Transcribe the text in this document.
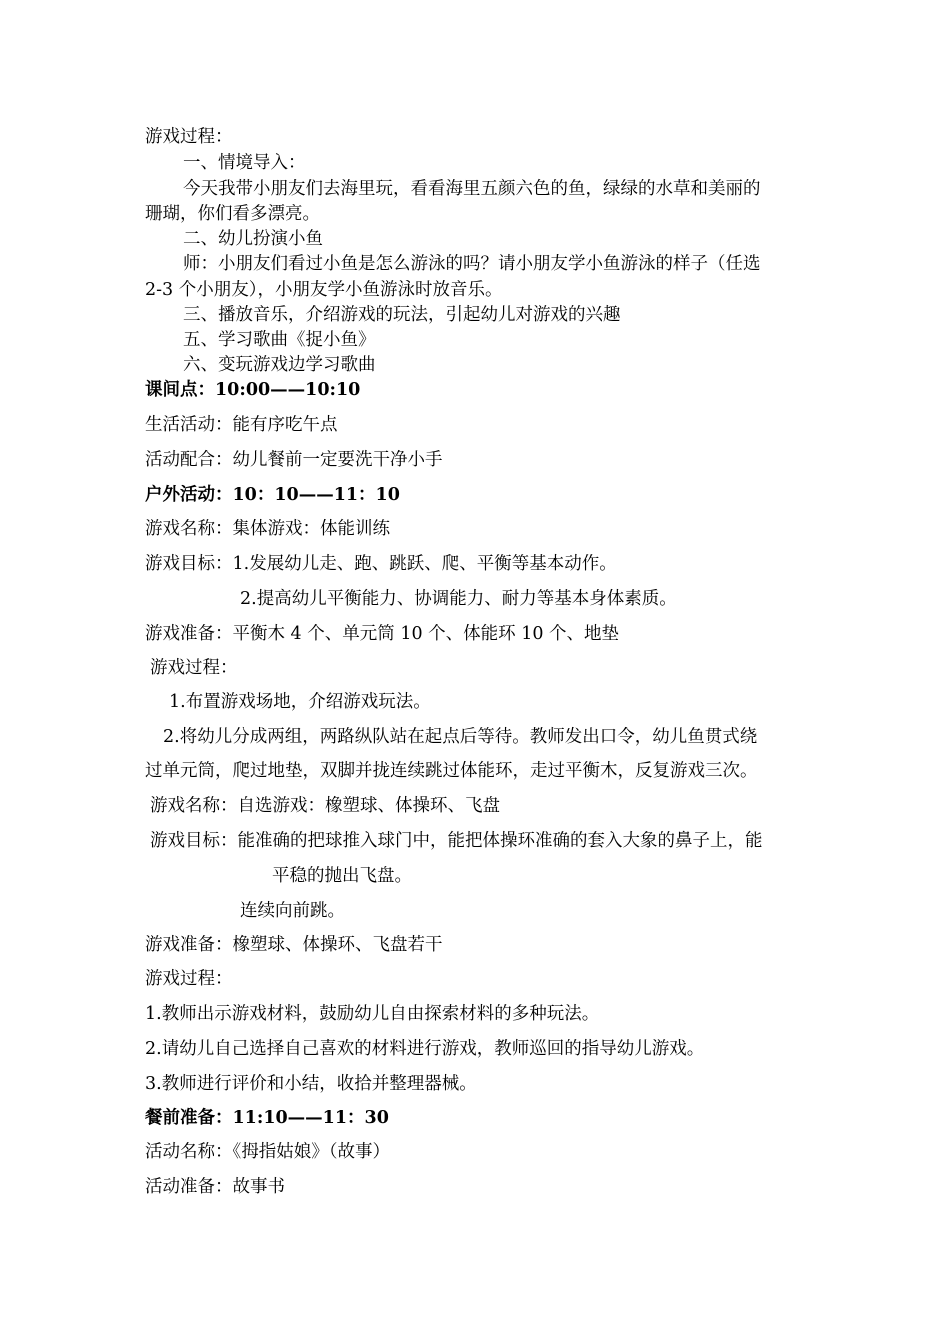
游戏过程：
一、情境导入：
今天我带小朋友们去海里玩，看看海里五颜六色的鱼，绿绿的水草和美丽的
珊瑚，你们看多漂亮。
二、幼儿扮演小鱼
师：小朋友们看过小鱼是怎么游泳的吗？请小朋友学小鱼游泳的样子（任选
2-3 个小朋友），小朋友学小鱼游泳时放音乐。
三、播放音乐，介绍游戏的玩法，引起幼儿对游戏的兴趣
五、学习歌曲《捉小鱼》
六、变玩游戏边学习歌曲
课间点：10:00——10:10
生活活动：能有序吃午点
活动配合：幼儿餐前一定要洗干净小手
户外活动：10：10——11：10
游戏名称：集体游戏：体能训练
游戏目标：1.发展幼儿走、跑、跳跃、爬、平衡等基本动作。
2.提高幼儿平衡能力、协调能力、耐力等基本身体素质。
游戏准备：平衡木 4 个、单元筒 10 个、体能环 10 个、地垫
游戏过程：
1.布置游戏场地，介绍游戏玩法。
2.将幼儿分成两组，两路纵队站在起点后等待。教师发出口令，幼儿鱼贯式绕
过单元筒，爬过地垫，双脚并拢连续跳过体能环，走过平衡木，反复游戏三次。
游戏名称：自选游戏：橡塑球、体操环、飞盘
游戏目标：能准确的把球推入球门中，能把体操环准确的套入大象的鼻子上，能
平稳的抛出飞盘。
连续向前跳。
游戏准备：橡塑球、体操环、飞盘若干
游戏过程：
1.教师出示游戏材料，鼓励幼儿自由探索材料的多种玩法。
2.请幼儿自己选择自己喜欢的材料进行游戏，教师巡回的指导幼儿游戏。
3.教师进行评价和小结，收拾并整理器械。
餐前准备：11:10——11：30
活动名称：《拇指姑娘》（故事）
活动准备：故事书
